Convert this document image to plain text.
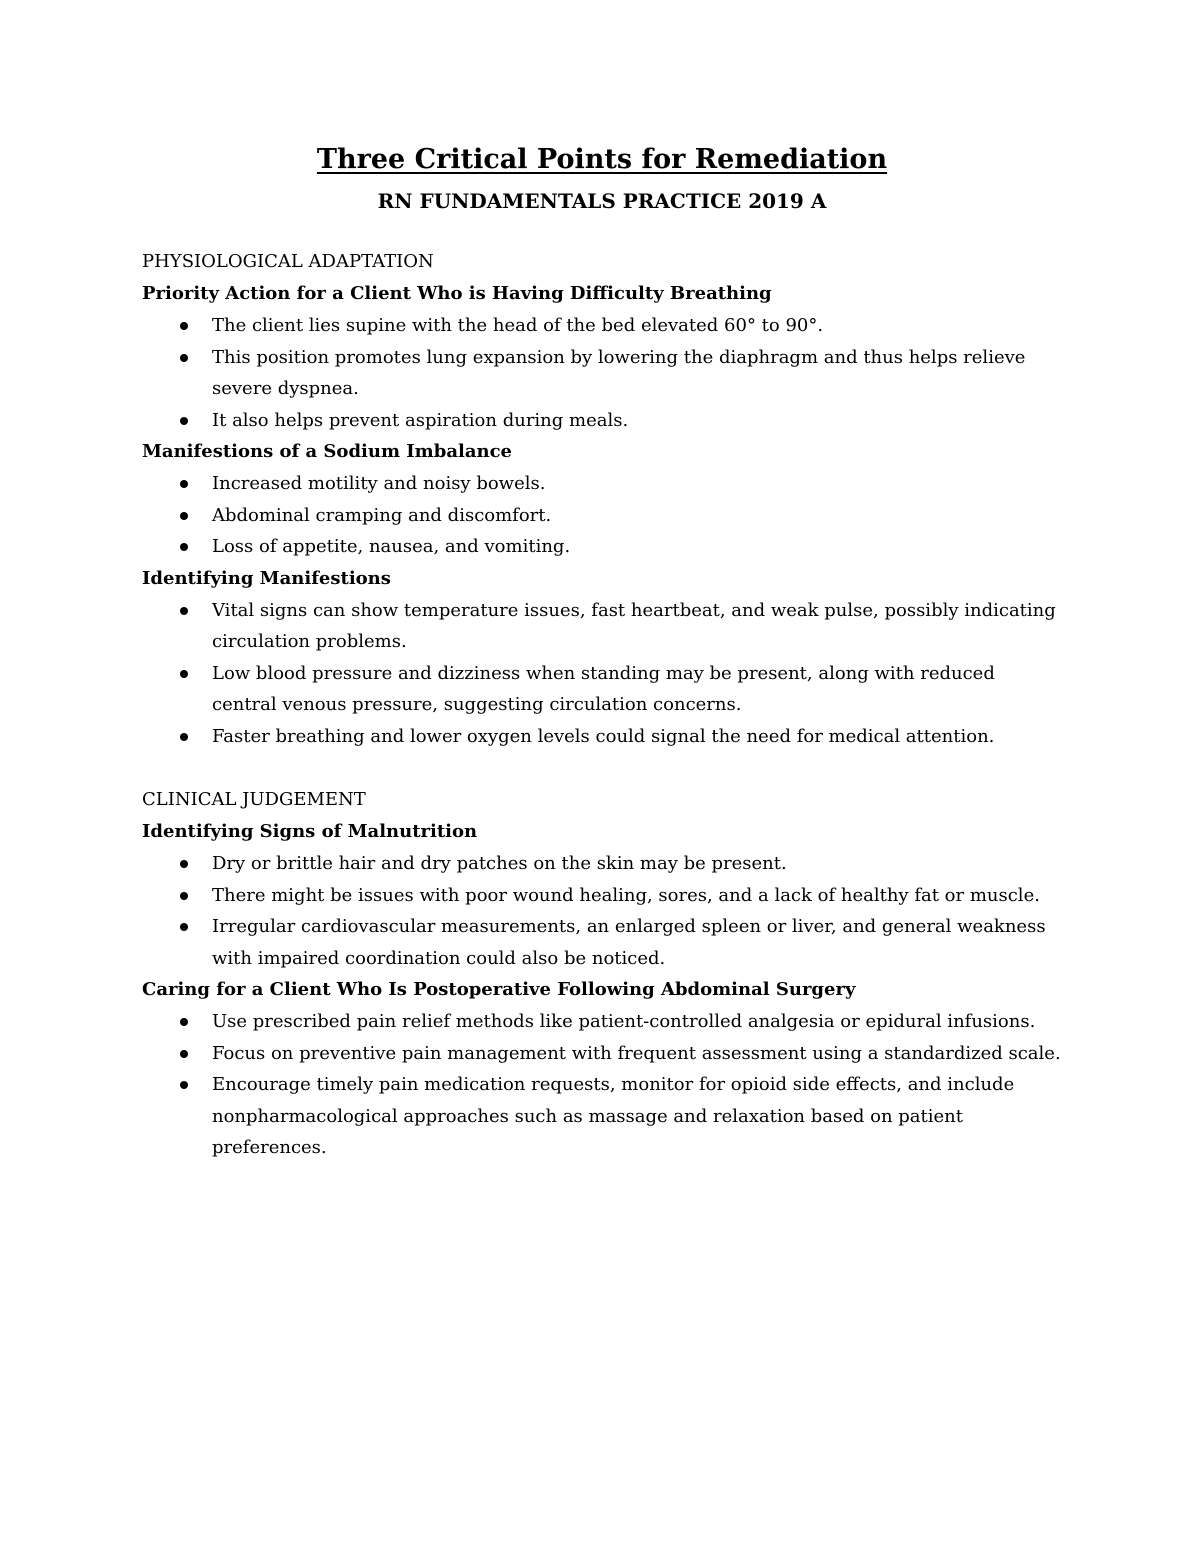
Three Critical Points for Remediation
RN FUNDAMENTALS PRACTICE 2019 A

PHYSIOLOGICAL ADAPTATION

Priority Action for a Client Who is Having Difficulty Breathing

The client lies supine with the head of the bed elevated 60° to 90°.
This position promotes lung expansion by lowering the diaphragm and thus helps relieve severe dyspnea.
It also helps prevent aspiration during meals.

Manifestions of a Sodium Imbalance

Increased motility and noisy bowels.
Abdominal cramping and discomfort.
Loss of appetite, nausea, and vomiting.

Identifying Manifestions

Vital signs can show temperature issues, fast heartbeat, and weak pulse, possibly indicating circulation problems.
Low blood pressure and dizziness when standing may be present, along with reduced central venous pressure, suggesting circulation concerns.
Faster breathing and lower oxygen levels could signal the need for medical attention.

CLINICAL JUDGEMENT

Identifying Signs of Malnutrition

Dry or brittle hair and dry patches on the skin may be present.
There might be issues with poor wound healing, sores, and a lack of healthy fat or muscle.
Irregular cardiovascular measurements, an enlarged spleen or liver, and general weakness with impaired coordination could also be noticed.

Caring for a Client Who Is Postoperative Following Abdominal Surgery

Use prescribed pain relief methods like patient-controlled analgesia or epidural infusions.
Focus on preventive pain management with frequent assessment using a standardized scale.
Encourage timely pain medication requests, monitor for opioid side effects, and include nonpharmacological approaches such as massage and relaxation based on patient preferences.
